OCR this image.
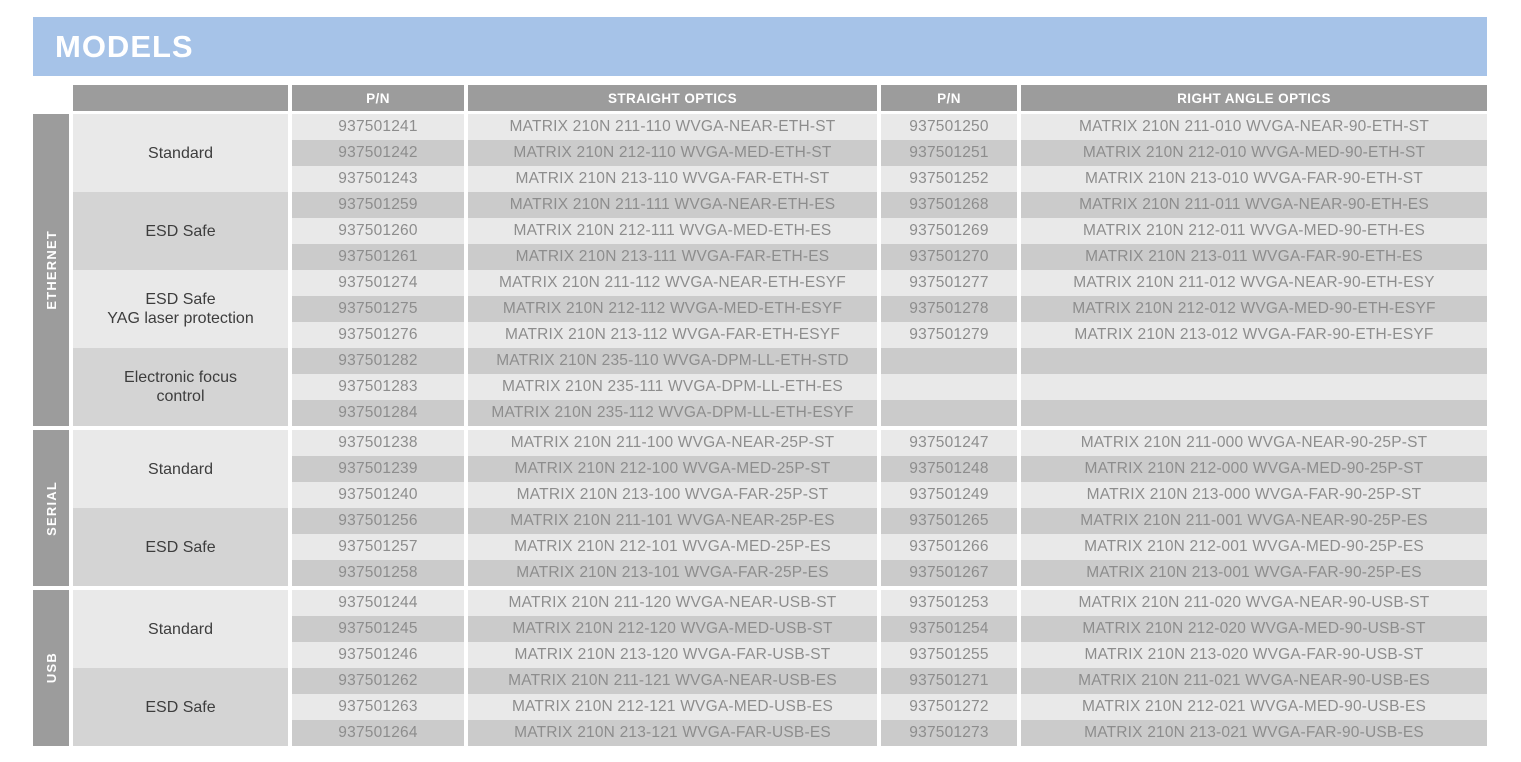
MODELS
P/N	STRAIGHT OPTICS	P/N	RIGHT ANGLE OPTICS
ETHERNET
Standard
937501241	MATRIX 210N 211-110 WVGA-NEAR-ETH-ST	937501250	MATRIX 210N 211-010 WVGA-NEAR-90-ETH-ST
937501242	MATRIX 210N 212-110 WVGA-MED-ETH-ST	937501251	MATRIX 210N 212-010 WVGA-MED-90-ETH-ST
937501243	MATRIX 210N 213-110 WVGA-FAR-ETH-ST	937501252	MATRIX 210N 213-010 WVGA-FAR-90-ETH-ST
ESD Safe
937501259	MATRIX 210N 211-111 WVGA-NEAR-ETH-ES	937501268	MATRIX 210N 211-011 WVGA-NEAR-90-ETH-ES
937501260	MATRIX 210N 212-111 WVGA-MED-ETH-ES	937501269	MATRIX 210N 212-011 WVGA-MED-90-ETH-ES
937501261	MATRIX 210N 213-111 WVGA-FAR-ETH-ES	937501270	MATRIX 210N 213-011 WVGA-FAR-90-ETH-ES
ESD Safe
YAG laser protection
937501274	MATRIX 210N 211-112 WVGA-NEAR-ETH-ESYF	937501277	MATRIX 210N 211-012 WVGA-NEAR-90-ETH-ESY
937501275	MATRIX 210N 212-112 WVGA-MED-ETH-ESYF	937501278	MATRIX 210N 212-012 WVGA-MED-90-ETH-ESYF
937501276	MATRIX 210N 213-112 WVGA-FAR-ETH-ESYF	937501279	MATRIX 210N 213-012 WVGA-FAR-90-ETH-ESYF
Electronic focus
control
937501282	MATRIX 210N 235-110 WVGA-DPM-LL-ETH-STD
937501283	MATRIX 210N 235-111 WVGA-DPM-LL-ETH-ES
937501284	MATRIX 210N 235-112 WVGA-DPM-LL-ETH-ESYF
SERIAL
Standard
937501238	MATRIX 210N 211-100 WVGA-NEAR-25P-ST	937501247	MATRIX 210N 211-000 WVGA-NEAR-90-25P-ST
937501239	MATRIX 210N 212-100 WVGA-MED-25P-ST	937501248	MATRIX 210N 212-000 WVGA-MED-90-25P-ST
937501240	MATRIX 210N 213-100 WVGA-FAR-25P-ST	937501249	MATRIX 210N 213-000 WVGA-FAR-90-25P-ST
ESD Safe
937501256	MATRIX 210N 211-101 WVGA-NEAR-25P-ES	937501265	MATRIX 210N 211-001 WVGA-NEAR-90-25P-ES
937501257	MATRIX 210N 212-101 WVGA-MED-25P-ES	937501266	MATRIX 210N 212-001 WVGA-MED-90-25P-ES
937501258	MATRIX 210N 213-101 WVGA-FAR-25P-ES	937501267	MATRIX 210N 213-001 WVGA-FAR-90-25P-ES
USB
Standard
937501244	MATRIX 210N 211-120 WVGA-NEAR-USB-ST	937501253	MATRIX 210N 211-020 WVGA-NEAR-90-USB-ST
937501245	MATRIX 210N 212-120 WVGA-MED-USB-ST	937501254	MATRIX 210N 212-020 WVGA-MED-90-USB-ST
937501246	MATRIX 210N 213-120 WVGA-FAR-USB-ST	937501255	MATRIX 210N 213-020 WVGA-FAR-90-USB-ST
ESD Safe
937501262	MATRIX 210N 211-121 WVGA-NEAR-USB-ES	937501271	MATRIX 210N 211-021 WVGA-NEAR-90-USB-ES
937501263	MATRIX 210N 212-121 WVGA-MED-USB-ES	937501272	MATRIX 210N 212-021 WVGA-MED-90-USB-ES
937501264	MATRIX 210N 213-121 WVGA-FAR-USB-ES	937501273	MATRIX 210N 213-021 WVGA-FAR-90-USB-ES
